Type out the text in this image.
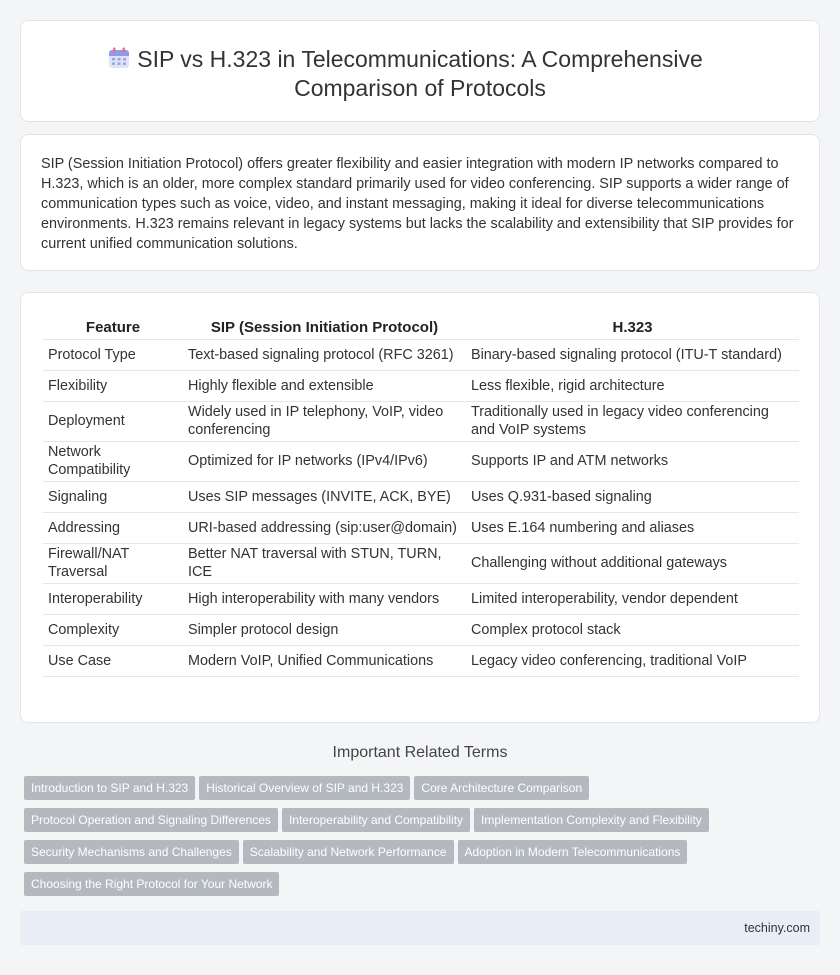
SIP vs H.323 in Telecommunications: A Comprehensive
Comparison of Protocols

SIP (Session Initiation Protocol) offers greater flexibility and easier integration with modern IP networks compared to H.323, which is an older, more complex standard primarily used for video conferencing. SIP supports a wider range of communication types such as voice, video, and instant messaging, making it ideal for diverse telecommunications environments. H.323 remains relevant in legacy systems but lacks the scalability and extensibility that SIP provides for current unified communication solutions.

Feature	SIP (Session Initiation Protocol)	H.323
Protocol Type	Text-based signaling protocol (RFC 3261)	Binary-based signaling protocol (ITU-T standard)
Flexibility	Highly flexible and extensible	Less flexible, rigid architecture
Deployment	Widely used in IP telephony, VoIP, video conferencing	Traditionally used in legacy video conferencing and VoIP systems
Network Compatibility	Optimized for IP networks (IPv4/IPv6)	Supports IP and ATM networks
Signaling	Uses SIP messages (INVITE, ACK, BYE)	Uses Q.931-based signaling
Addressing	URI-based addressing (sip:user@domain)	Uses E.164 numbering and aliases
Firewall/NAT Traversal	Better NAT traversal with STUN, TURN, ICE	Challenging without additional gateways
Interoperability	High interoperability with many vendors	Limited interoperability, vendor dependent
Complexity	Simpler protocol design	Complex protocol stack
Use Case	Modern VoIP, Unified Communications	Legacy video conferencing, traditional VoIP
Important Related Terms
Introduction to SIP and H.323 Historical Overview of SIP and H.323 Core Architecture Comparison
Protocol Operation and Signaling Differences Interoperability and Compatibility Implementation Complexity and Flexibility
Security Mechanisms and Challenges Scalability and Network Performance Adoption in Modern Telecommunications
Choosing the Right Protocol for Your Network
techiny.com
